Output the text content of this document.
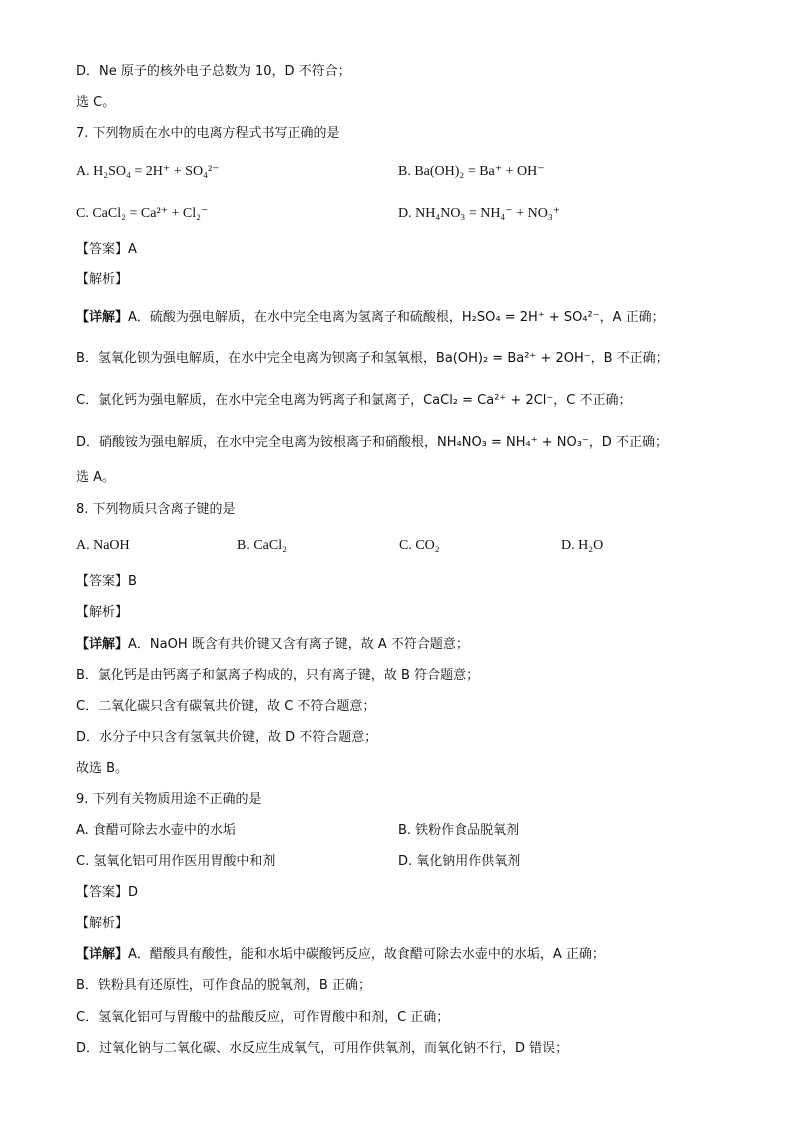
D．Ne 原子的核外电子总数为 10，D 不符合；
选 C。
7. 下列物质在水中的电离方程式书写正确的是
A. H₂SO₄ = 2H⁺ + SO₄²⁻	B. Ba(OH)₂ = Ba⁺ + OH⁻
C. CaCl₂ = Ca²⁺ + Cl₂⁻	D. NH₄NO₃ = NH₄⁻ + NO₃⁺
【答案】A
【解析】
【详解】A．硫酸为强电解质，在水中完全电离为氢离子和硫酸根，H₂SO₄ = 2H⁺ + SO₄²⁻，A 正确；
B．氢氧化钡为强电解质，在水中完全电离为钡离子和氢氧根，Ba(OH)₂ = Ba²⁺ + 2OH⁻，B 不正确；
C．氯化钙为强电解质，在水中完全电离为钙离子和氯离子，CaCl₂ = Ca²⁺ + 2Cl⁻，C 不正确；
D．硝酸铵为强电解质，在水中完全电离为铵根离子和硝酸根，NH₄NO₃ = NH₄⁺ + NO₃⁻，D 不正确；
选 A。
8. 下列物质只含离子键的是
A. NaOH	B. CaCl₂	C. CO₂	D. H₂O
【答案】B
【解析】
【详解】A．NaOH 既含有共价键又含有离子键，故 A 不符合题意；
B．氯化钙是由钙离子和氯离子构成的，只有离子键，故 B 符合题意；
C．二氧化碳只含有碳氧共价键，故 C 不符合题意；
D．水分子中只含有氢氧共价键，故 D 不符合题意；
故选 B。
9. 下列有关物质用途不正确的是
A. 食醋可除去水壶中的水垢	B. 铁粉作食品脱氧剂
C. 氢氧化铝可用作医用胃酸中和剂	D. 氧化钠用作供氧剂
【答案】D
【解析】
【详解】A．醋酸具有酸性，能和水垢中碳酸钙反应，故食醋可除去水壶中的水垢，A 正确；
B．铁粉具有还原性，可作食品的脱氧剂，B 正确；
C．氢氧化铝可与胃酸中的盐酸反应，可作胃酸中和剂，C 正确；
D．过氧化钠与二氧化碳、水反应生成氧气，可用作供氧剂，而氧化钠不行，D 错误；
